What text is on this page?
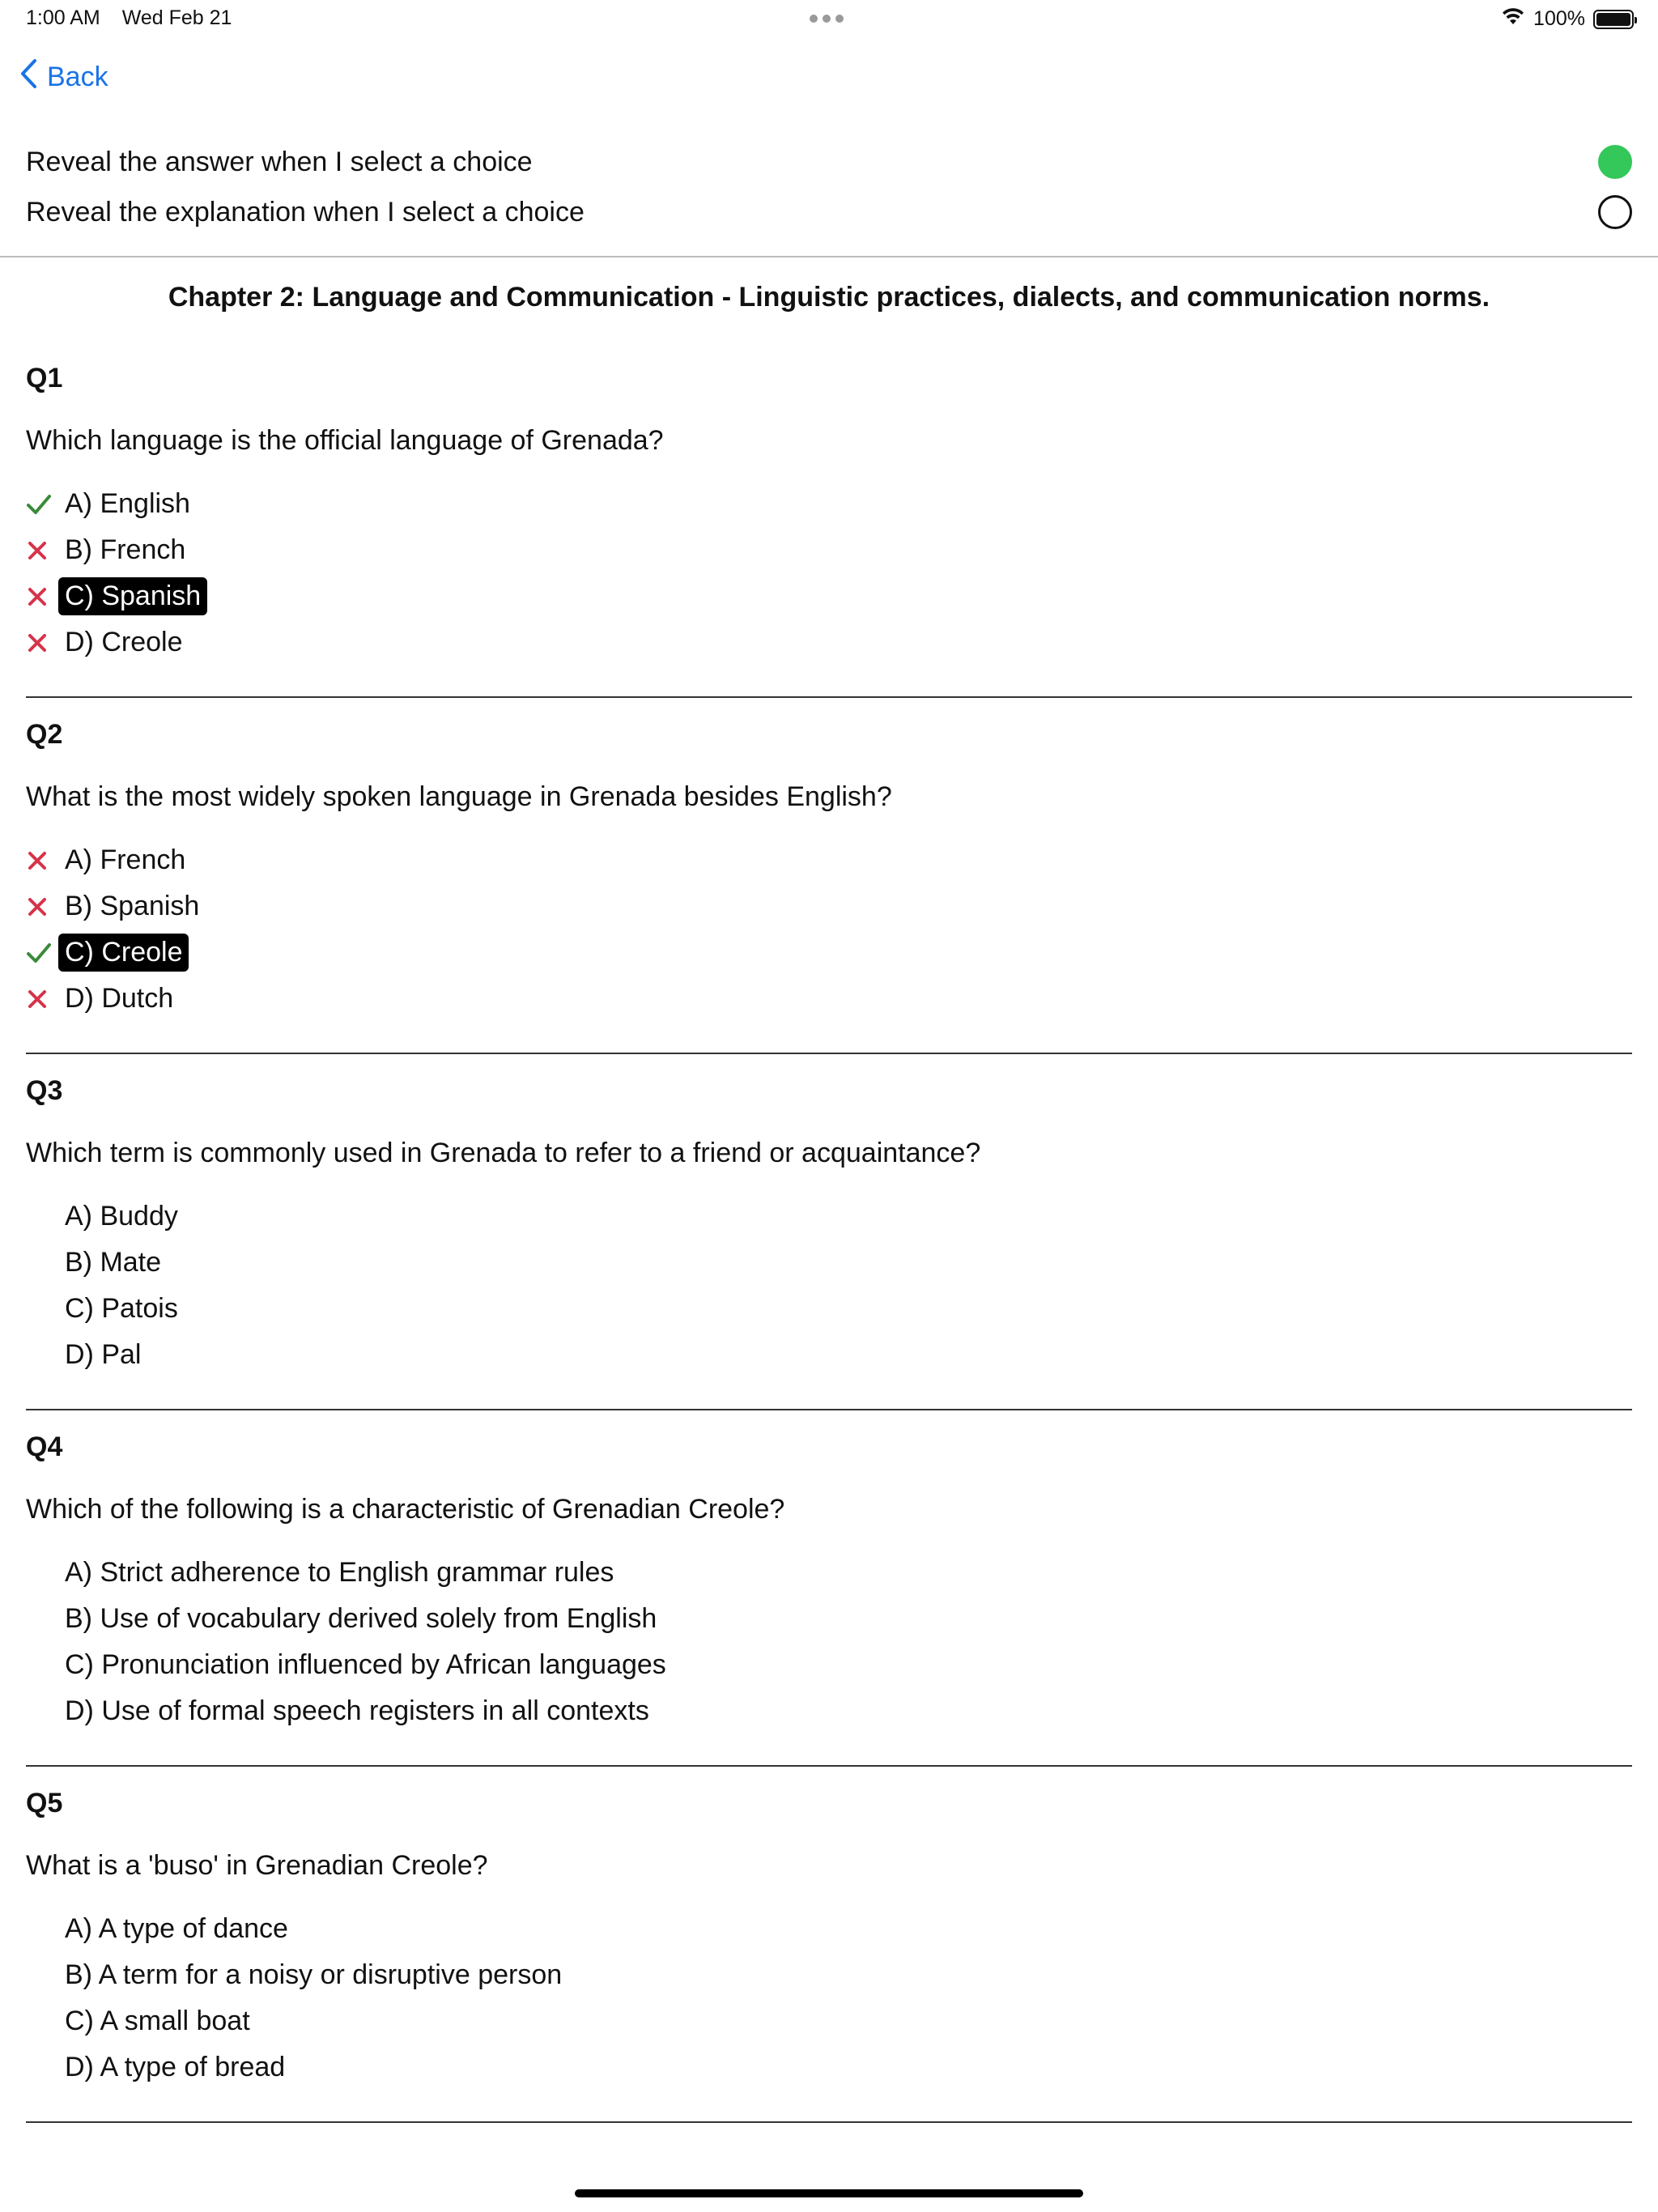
1:00 AM Wed Feb 21	100%
Back
Reveal the answer when I select a choice
Reveal the explanation when I select a choice
Chapter 2: Language and Communication - Linguistic practices, dialects, and communication norms.
Q1
Which language is the official language of Grenada?
A) English
B) French
C) Spanish
D) Creole
Q2
What is the most widely spoken language in Grenada besides English?
A) French
B) Spanish
C) Creole
D) Dutch
Q3
Which term is commonly used in Grenada to refer to a friend or acquaintance?
A) Buddy
B) Mate
C) Patois
D) Pal
Q4
Which of the following is a characteristic of Grenadian Creole?
A) Strict adherence to English grammar rules
B) Use of vocabulary derived solely from English
C) Pronunciation influenced by African languages
D) Use of formal speech registers in all contexts
Q5
What is a 'buso' in Grenadian Creole?
A) A type of dance
B) A term for a noisy or disruptive person
C) A small boat
D) A type of bread
